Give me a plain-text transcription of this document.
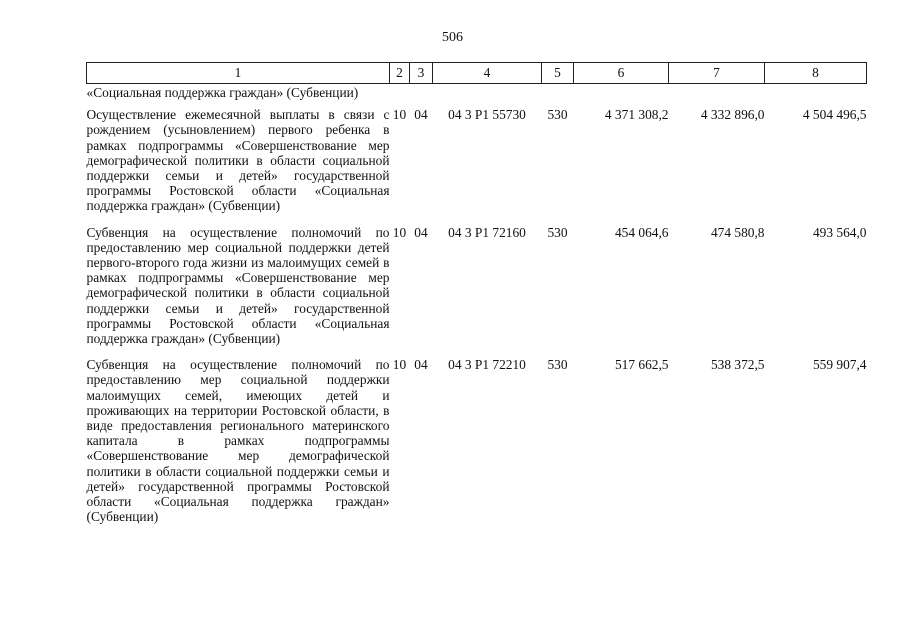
506
1	2	3	4	5	6	7	8
«Социальная поддержка граждан» (Субвенции)							
Осуществление ежемесячной выплаты в связи с рождением (усыновлением) первого ребенка в рамках подпрограммы «Совершенствование мер демографической политики в области социальной поддержки семьи и детей» государственной программы Ростовской области «Социальная поддержка граждан» (Субвенции)	10	04	04 3 P1 55730	530	4 371 308,2	4 332 896,0	4 504 496,5
Субвенция на осуществление полномочий по предоставлению мер социальной поддержки детей первого-второго года жизни из малоимущих семей в рамках подпрограммы «Совершенствование мер демографической политики в области социальной поддержки семьи и детей» государственной программы Ростовской области «Социальная поддержка граждан» (Субвенции)	10	04	04 3 P1 72160	530	454 064,6	474 580,8	493 564,0
Субвенция на осуществление полномочий по предоставлению мер социальной поддержки малоимущих семей, имеющих детей и проживающих на территории Ростовской области, в виде предоставления регионального материнского капитала в рамках подпрограммы «Совершенствование мер демографической политики в области социальной поддержки семьи и детей» государственной программы Ростовской области «Социальная поддержка граждан» (Субвенции)	10	04	04 3 P1 72210	530	517 662,5	538 372,5	559 907,4
